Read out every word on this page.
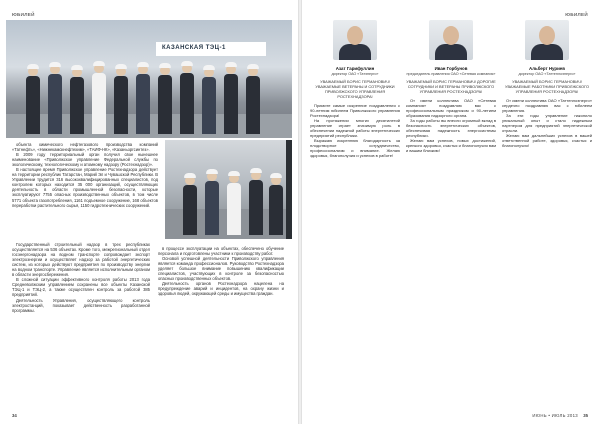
ЮБИЛЕЙ
КАЗАНСКАЯ ТЭЦ-1

объекта химического нефтегазового производства компаний «Татнефть», «Нижнекамскнефтехим», «ТАИФ-НК», «Казаньоргсинтез».

В 2009 году территориальный орган получил свое нынешнее наименование «Приволжское управление Федеральной службы по экологическому, технологическому и атомному надзору (Ростехнадзор)».

В настоящее время Приволжское управление Ростехнадзора действует на территории республик Татарстан, Марий Эл и Чувашской Республики. В Управлении трудится 316 высококвалифицированных специалистов, под контролем которых находится 35 000 организаций, осуществляющих деятельность в области промышленной безопасности, которые эксплуатируют 7755 опасных производственных объектов, в том числе 5771 объекта газопотребления, 1161 подъемное сооружение, 168 объектов переработки растительного сырья, 1150 гидротехнических сооружений.

Государственный строительный надзор в трех республиках осуществляется на 536 объектах. Кроме того, межрегиональный отдел госэнергонадзора на водном транспорте сопровождает экспорт электроэнергии и осуществляет надзор за работой энергетических систем, из которых действуют предприятия по производству энергии на водном транспорте. Управление является исполнительным органом в области энергосбережения.

В сложной ситуации эффективного контроля работы 2013 года Средневолжским управлением сохранены все объекты Казанской ТЭЦ-1 и ТЭЦ-2, а также осуществлен контроль за работой 385 предприятий.

Деятельность Управления, осуществляющего контроль электростанций, показывает действенность разработанной программы.

в процессе эксплуатации на объектах, обеспечено обучение персонала и подготовлены участники к производству работ.

Основой успешной деятельности Приволжского управления является команда профессионалов. Руководство Ростехнадзора уделяет большое внимание повышению квалификации специалистов, участвующих в контроле за безопасностью опасных производственных объектов.

Деятельность органов Ростехнадзора нацелена на предупреждение аварий и инцидентов, на охрану жизни и здоровья людей, окружающей среды и имущества граждан.

34
ЮБИЛЕЙ
Азат Гарифуллин
директор ОАО «Татэнерго»
УВАЖАЕМЫЙ БОРИС ГЕРМАНОВИЧ! УВАЖАЕМЫЕ ВЕТЕРАНЫ И СОТРУДНИКИ ПРИВОЛЖСКОГО УПРАВЛЕНИЯ РОСТЕХНАДЗОРА!

Примите самые искренние поздравления с 90-летним юбилеем Приволжского управления Ростехнадзора!

На протяжении многих десятилетий управление играет значимую роль в обеспечении надежной работы энергетических предприятий республики.

Выражаю искреннюю благодарность за плодотворное сотрудничество, профессионализм и внимание. Желаю здоровья, благополучия и успехов в работе!

Иван Горбунов
председатель правления ОАО «Сетевая компания»
УВАЖАЕМЫЙ БОРИС ГЕРМАНОВИЧ! ДОРОГИЕ СОТРУДНИКИ И ВЕТЕРАНЫ ПРИВОЛЖСКОГО УПРАВЛЕНИЯ РОСТЕХНАДЗОРА!

От имени коллектива ОАО «Сетевая компания» поздравляю вас с профессиональным праздником и 90-летием образования надзорного органа.

За годы работы вы внесли огромный вклад в безопасность энергетических объектов, обеспечивая надежность энергосистемы республики.

Желаю вам успехов, новых достижений, крепкого здоровья, счастья и благополучия вам и вашим близким!

Альберт Нуриев
директор ОАО «Таттеплоэнерго»
УВАЖАЕМЫЙ БОРИС ГЕРМАНОВИЧ! УВАЖАЕМЫЕ РАБОТНИКИ ПРИВОЛЖСКОГО УПРАВЛЕНИЯ РОСТЕХНАДЗОРА!

От имени коллектива ОАО «Таттеплоэнерго» сердечно поздравляю вас с юбилеем управления.

За эти годы управление накопило уникальный опыт и стало надежным партнером для предприятий энергетической отрасли.

Желаю вам дальнейших успехов в вашей ответственной работе, здоровья, счастья и благополучия!

ИЮНЬ • ИЮЛЬ 2013 35
